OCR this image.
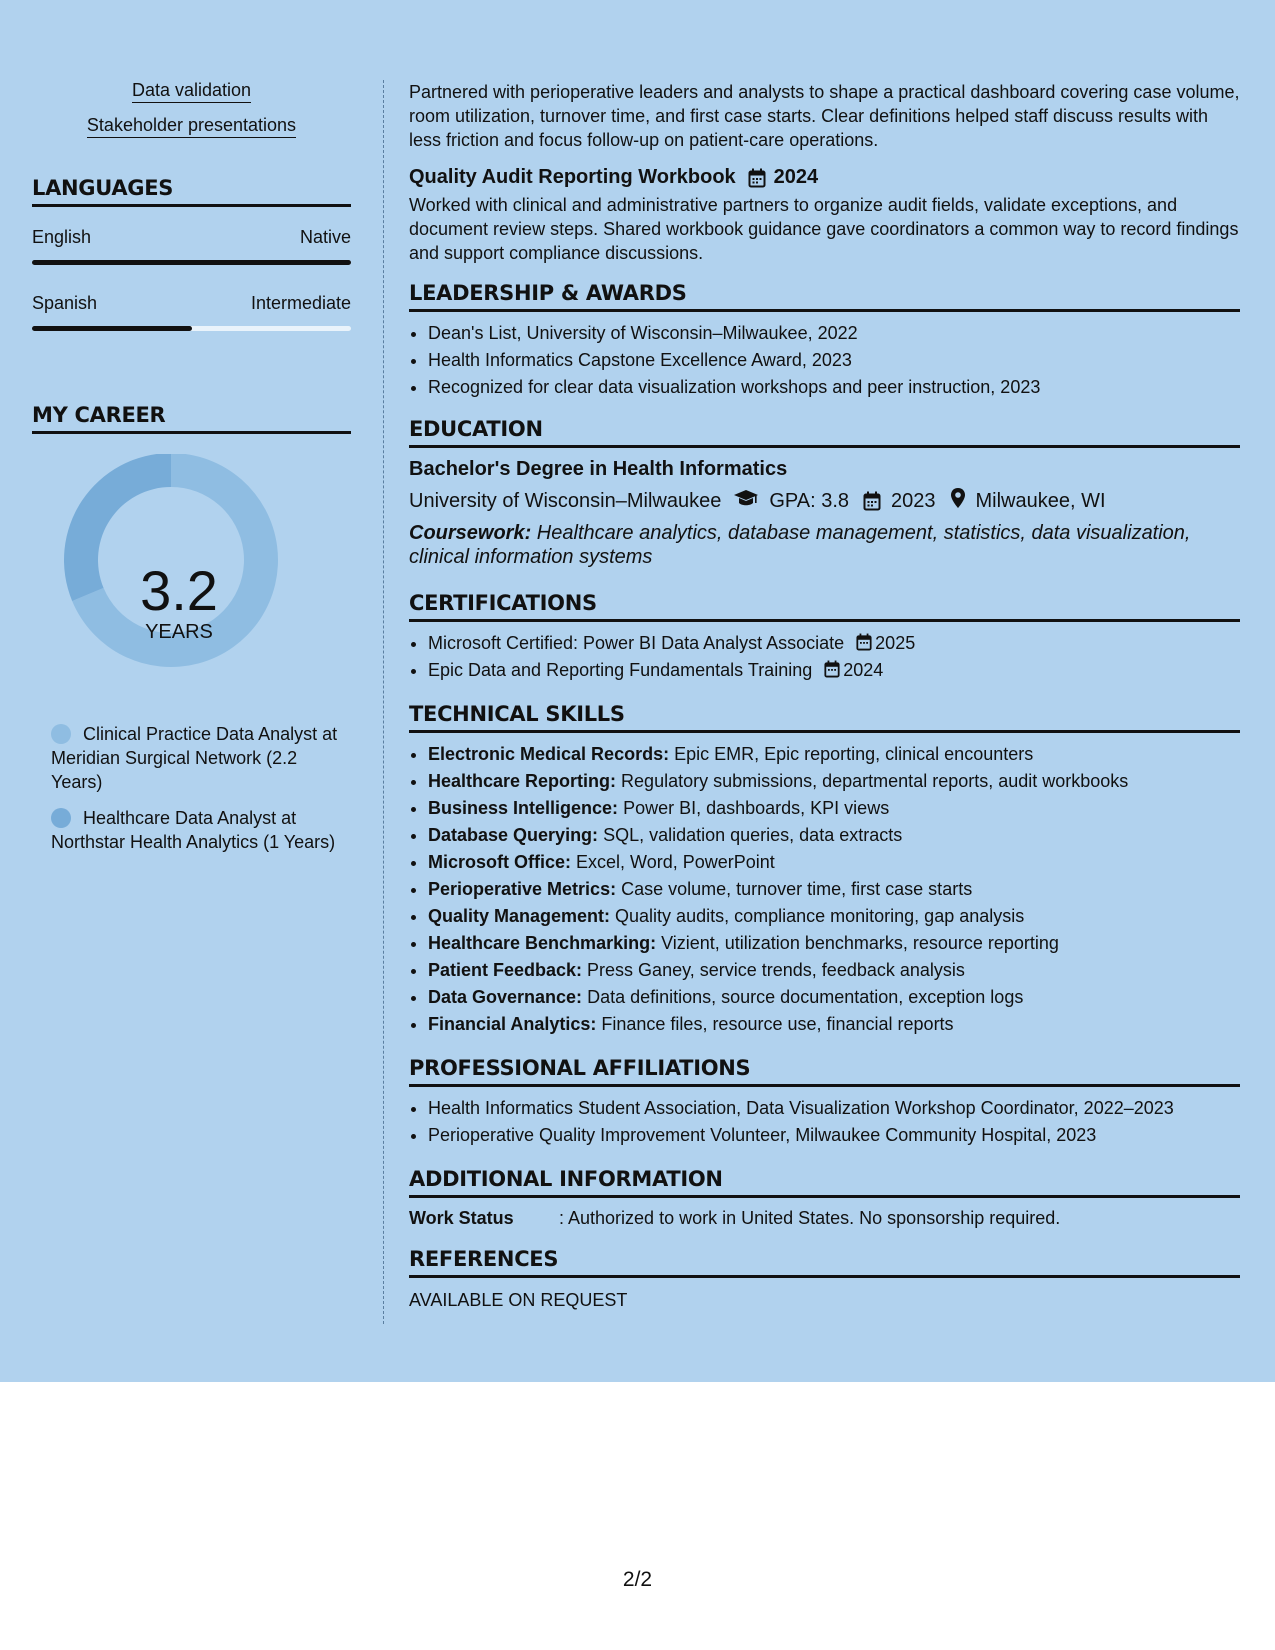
Data validation
Stakeholder presentations
LANGUAGES
English	Native
Spanish	Intermediate
MY CAREER
3.2
YEARS
Clinical Practice Data Analyst at Meridian Surgical Network (2.2 Years)
Healthcare Data Analyst at Northstar Health Analytics (1 Years)

Partnered with perioperative leaders and analysts to shape a practical dashboard covering case volume, room utilization, turnover time, and first case starts. Clear definitions helped staff discuss results with less friction and focus follow-up on patient-care operations.

Quality Audit Reporting Workbook 2024

Worked with clinical and administrative partners to organize audit fields, validate exceptions, and document review steps. Shared workbook guidance gave coordinators a common way to record findings and support compliance discussions.

LEADERSHIP & AWARDS
• Dean's List, University of Wisconsin–Milwaukee, 2022
• Health Informatics Capstone Excellence Award, 2023
• Recognized for clear data visualization workshops and peer instruction, 2023
EDUCATION
Bachelor's Degree in Health Informatics
University of Wisconsin–Milwaukee GPA: 3.8 2023 Milwaukee, WI
Coursework: Healthcare analytics, database management, statistics, data visualization, clinical information systems
CERTIFICATIONS
• Microsoft Certified: Power BI Data Analyst Associate 2025
• Epic Data and Reporting Fundamentals Training 2024
TECHNICAL SKILLS
• Electronic Medical Records: Epic EMR, Epic reporting, clinical encounters
• Healthcare Reporting: Regulatory submissions, departmental reports, audit workbooks
• Business Intelligence: Power BI, dashboards, KPI views
• Database Querying: SQL, validation queries, data extracts
• Microsoft Office: Excel, Word, PowerPoint
• Perioperative Metrics: Case volume, turnover time, first case starts
• Quality Management: Quality audits, compliance monitoring, gap analysis
• Healthcare Benchmarking: Vizient, utilization benchmarks, resource reporting
• Patient Feedback: Press Ganey, service trends, feedback analysis
• Data Governance: Data definitions, source documentation, exception logs
• Financial Analytics: Finance files, resource use, financial reports
PROFESSIONAL AFFILIATIONS
• Health Informatics Student Association, Data Visualization Workshop Coordinator, 2022–2023
• Perioperative Quality Improvement Volunteer, Milwaukee Community Hospital, 2023
ADDITIONAL INFORMATION
Work Status	: Authorized to work in United States. No sponsorship required.
REFERENCES
AVAILABLE ON REQUEST
2/2
